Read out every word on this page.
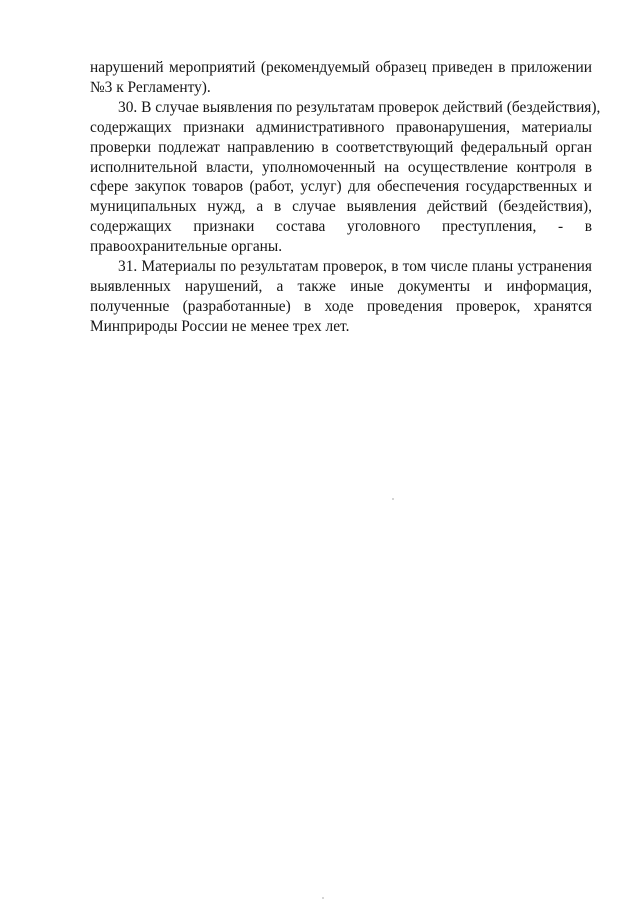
нарушений мероприятий (рекомендуемый образец приведен в приложении
№3 к Регламенту).

30. В случае выявления по результатам проверок действий (бездействия),
содержащих признаки административного правонарушения, материалы
проверки подлежат направлению в соответствующий федеральный орган
исполнительной власти, уполномоченный на осуществление контроля в
сфере закупок товаров (работ, услуг) для обеспечения государственных и
муниципальных нужд, а в случае выявления действий (бездействия),
содержащих признаки состава уголовного преступления, - в
правоохранительные органы.

31. Материалы по результатам проверок, в том числе планы устранения
выявленных нарушений, а также иные документы и информация,
полученные (разработанные) в ходе проведения проверок, хранятся
Минприроды России не менее трех лет.
